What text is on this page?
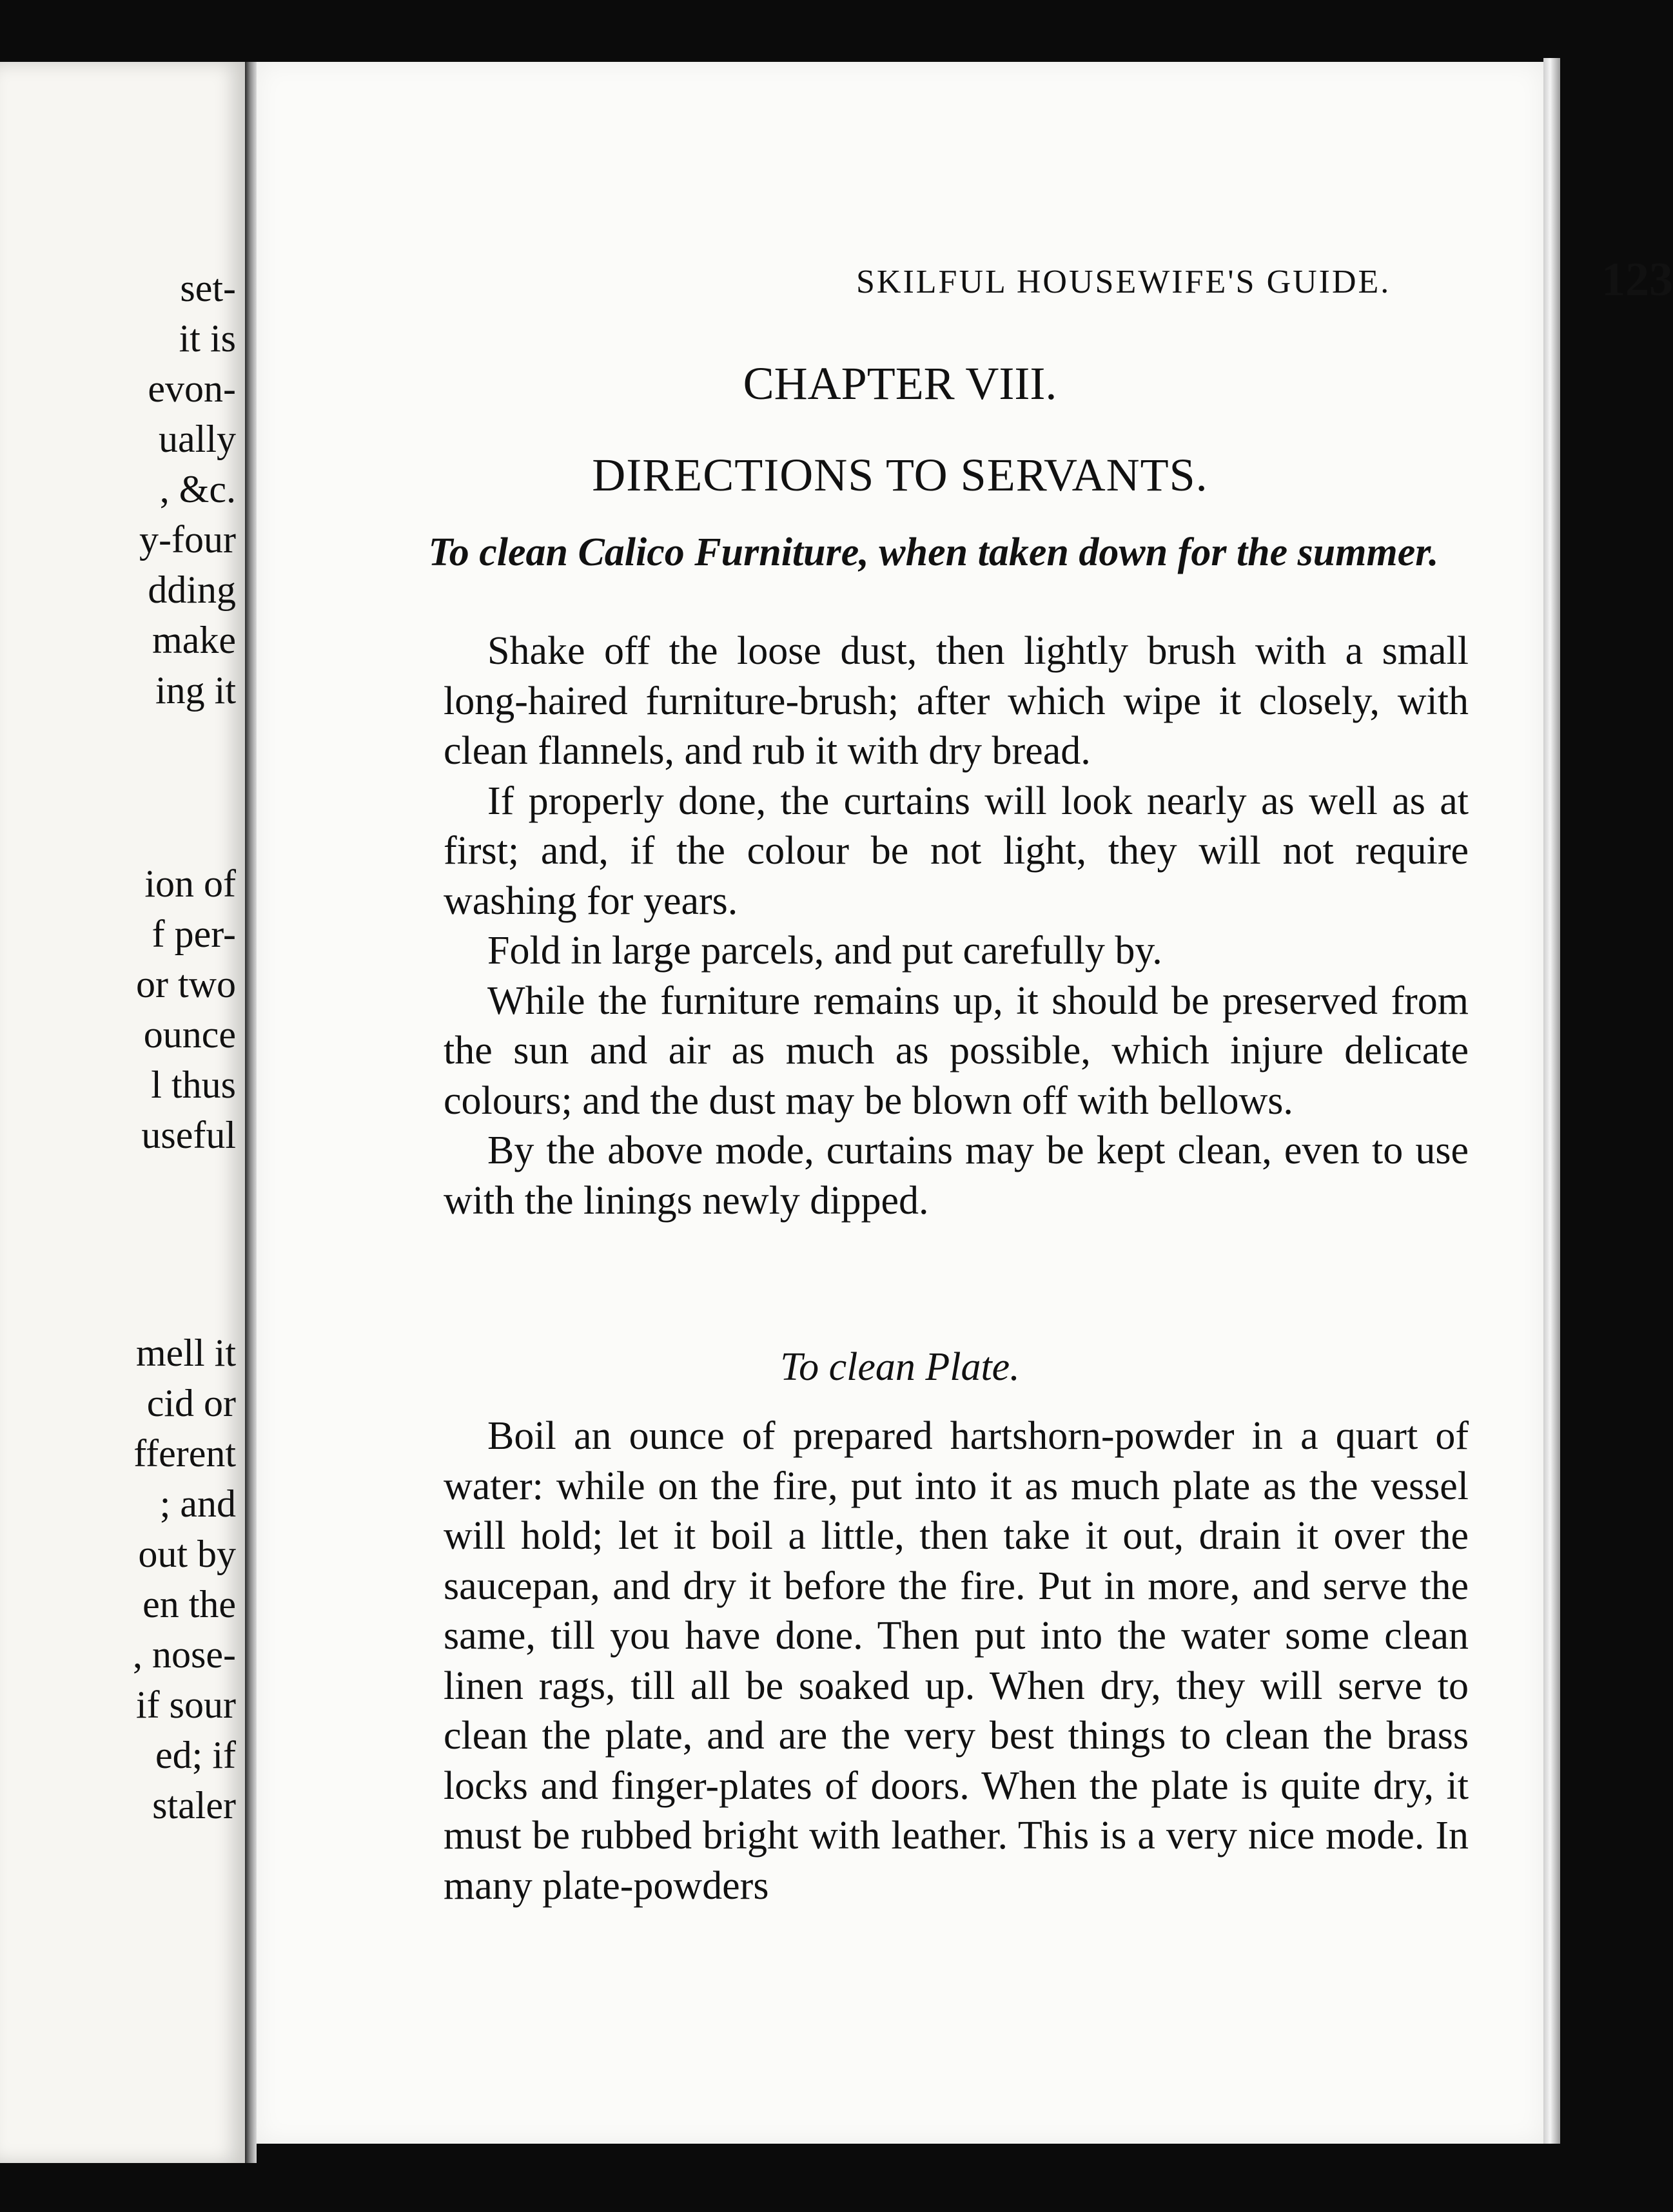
set-
it is
evon-
ually
, &c.
y-four
dding
make
ing it
ion of
f per-
or two
ounce
l thus
useful
mell it
cid or
fferent
; and
out by
en the
, nose-
if sour
ed; if
staler
SKILFUL HOUSEWIFE'S GUIDE.	123
CHAPTER VIII.
DIRECTIONS TO SERVANTS.
To clean Calico Furniture, when taken down for the summer.

Shake off the loose dust, then lightly brush with a small long-haired furniture-brush; after which wipe it closely, with clean flannels, and rub it with dry bread.

If properly done, the curtains will look nearly as well as at first; and, if the colour be not light, they will not require washing for years.

Fold in large parcels, and put carefully by.

While the furniture remains up, it should be preserved from the sun and air as much as possible, which injure delicate colours; and the dust may be blown off with bellows.

By the above mode, curtains may be kept clean, even to use with the linings newly dipped.

To clean Plate.

Boil an ounce of prepared hartshorn-powder in a quart of water: while on the fire, put into it as much plate as the vessel will hold; let it boil a little, then take it out, drain it over the saucepan, and dry it before the fire. Put in more, and serve the same, till you have done. Then put into the water some clean linen rags, till all be soaked up. When dry, they will serve to clean the plate, and are the very best things to clean the brass locks and finger-plates of doors. When the plate is quite dry, it must be rubbed bright with leather. This is a very nice mode. In many plate-powders
